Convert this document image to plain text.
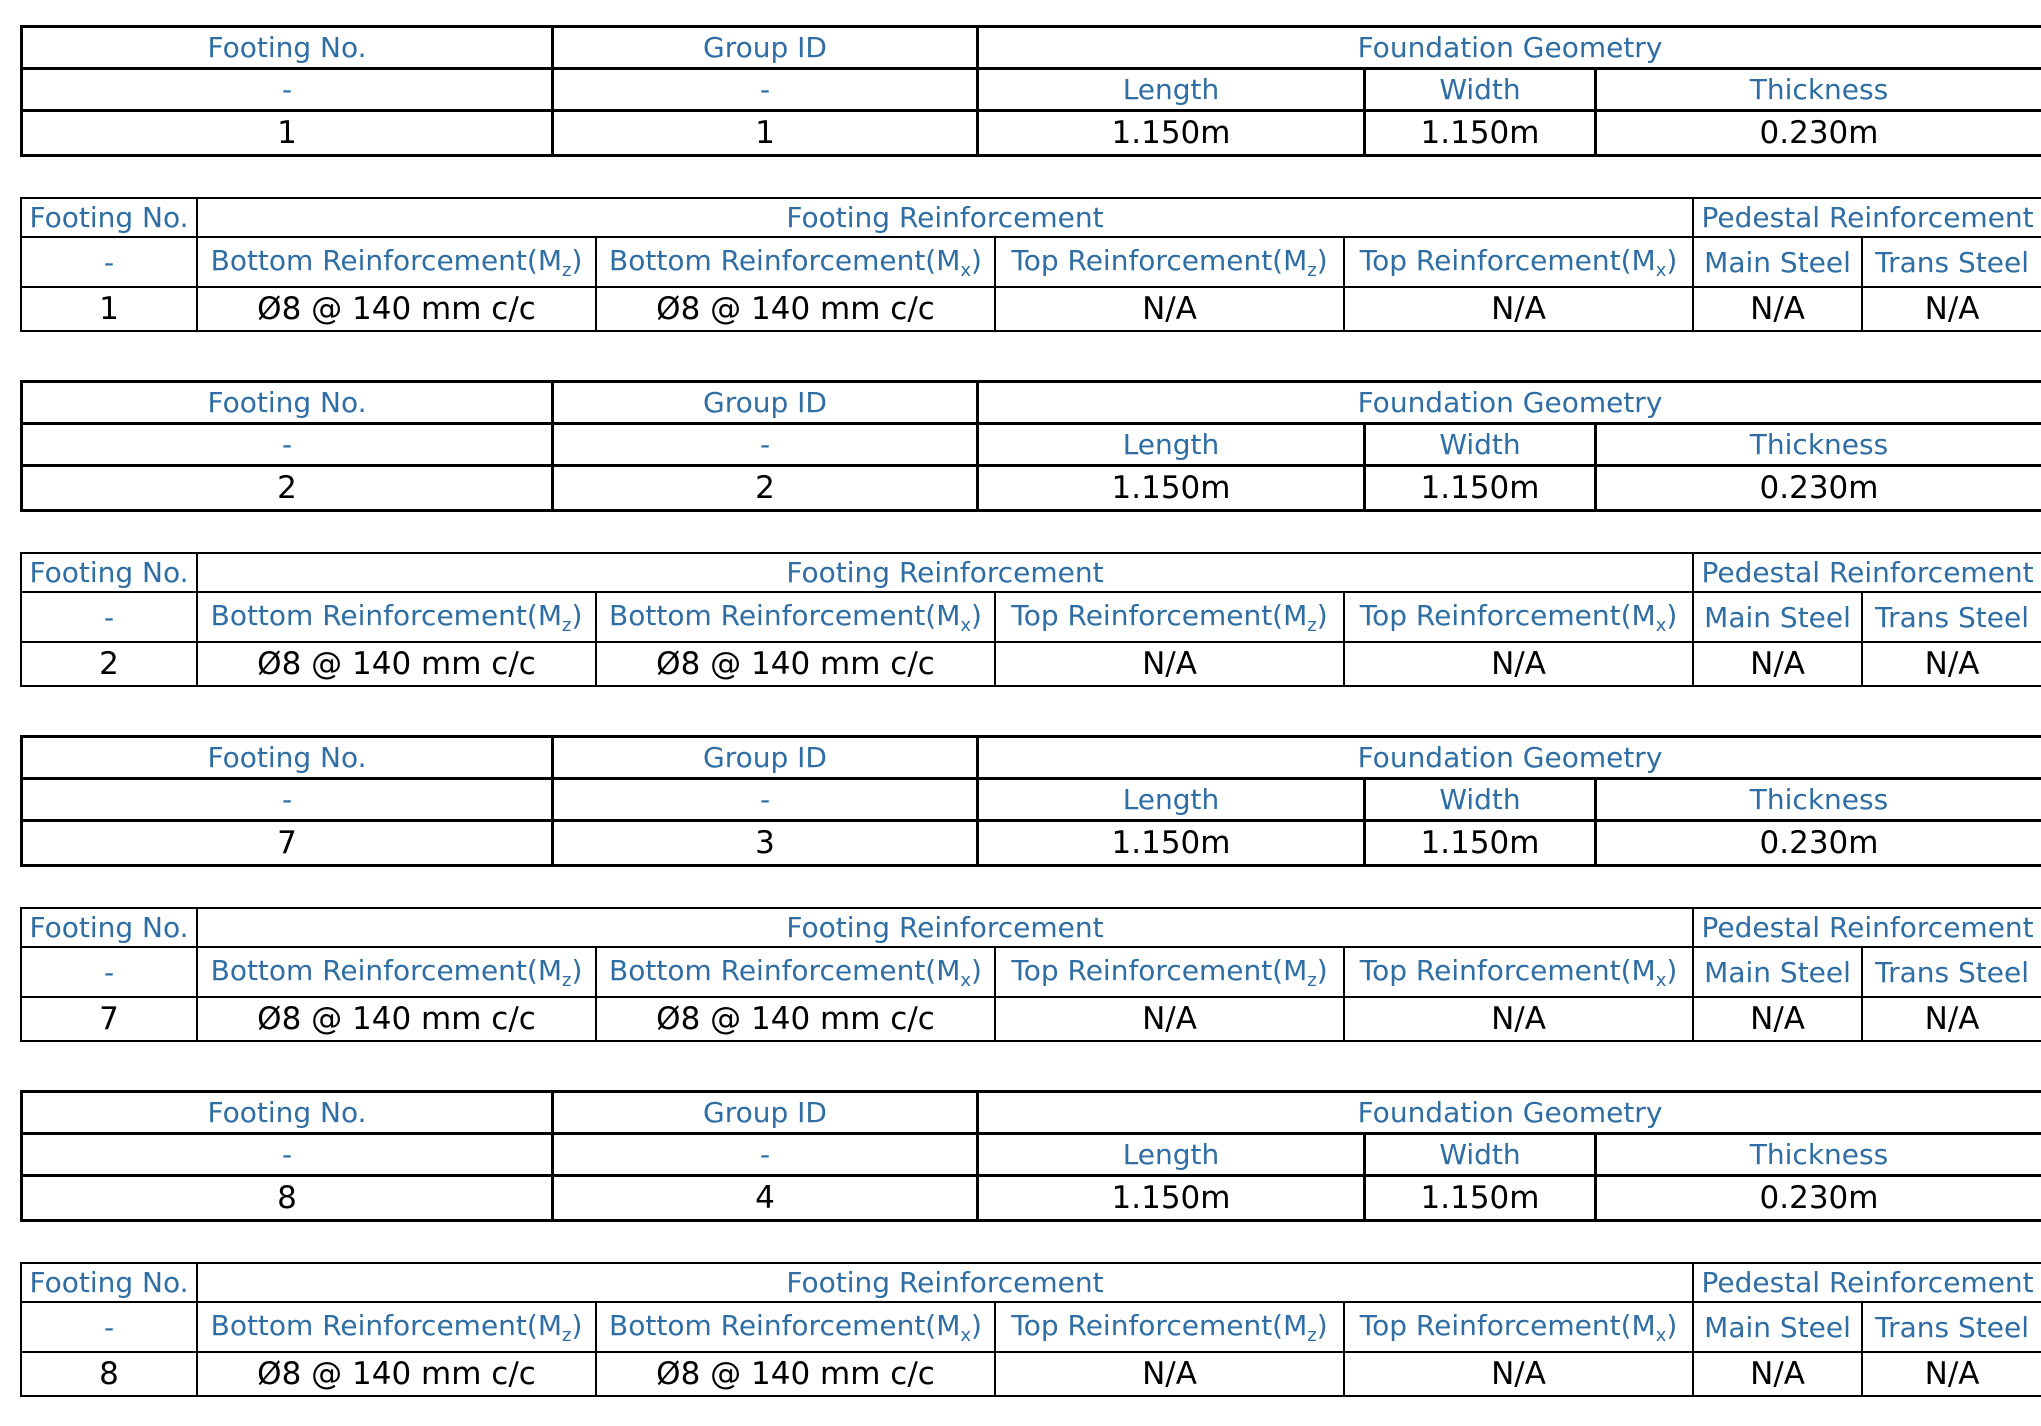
Footing No.	Group ID	Foundation Geometry		
-	-	Length	Width	Thickness
1	1	1.150m	1.150m	0.230m
Footing No.	Footing Reinforcement				Pedestal Reinforcement	
-	Bottom $Reinforcement(M_z)$	Bottom $Reinforcement(M_x)$	Top $Reinforcement(M_z)$	Top $Reinforcement(M_x)$	Main Steel	Trans Steel
1	Ø8 @ 140 mm c/c	Ø8 @ 140 mm c/c	N/A	N/A	N/A	N/A
Footing No.	Group ID	Foundation Geometry		
-	-	Length	Width	Thickness
2	2	1.150m	1.150m	0.230m
Footing No.	Footing Reinforcement				Pedestal Reinforcement	
-	Bottom $Reinforcement(M_z)$	Bottom $Reinforcement(M_x)$	Top $Reinforcement(M_z)$	Top $Reinforcement(M_x)$	Main Steel	Trans Steel
2	Ø8 @ 140 mm c/c	Ø8 @ 140 mm c/c	N/A	N/A	N/A	N/A
Footing No.	Group ID	Foundation Geometry		
-	-	Length	Width	Thickness
7	3	1.150m	1.150m	0.230m
Footing No.	Footing Reinforcement				Pedestal Reinforcement	
-	Bottom $Reinforcement(M_z)$	Bottom $Reinforcement(M_x)$	Top $Reinforcement(M_z)$	Top $Reinforcement(M_x)$	Main Steel	Trans Steel
7	Ø8 @ 140 mm c/c	Ø8 @ 140 mm c/c	N/A	N/A	N/A	N/A
Footing No.	Group ID	Foundation Geometry		
-	-	Length	Width	Thickness
8	4	1.150m	1.150m	0.230m
Footing No.	Footing Reinforcement				Pedestal Reinforcement	
-	Bottom $Reinforcement(M_z)$	Bottom $Reinforcement(M_x)$	Top $Reinforcement(M_z)$	Top $Reinforcement(M_x)$	Main Steel	Trans Steel
8	Ø8 @ 140 mm c/c	Ø8 @ 140 mm c/c	N/A	N/A	N/A	N/A
